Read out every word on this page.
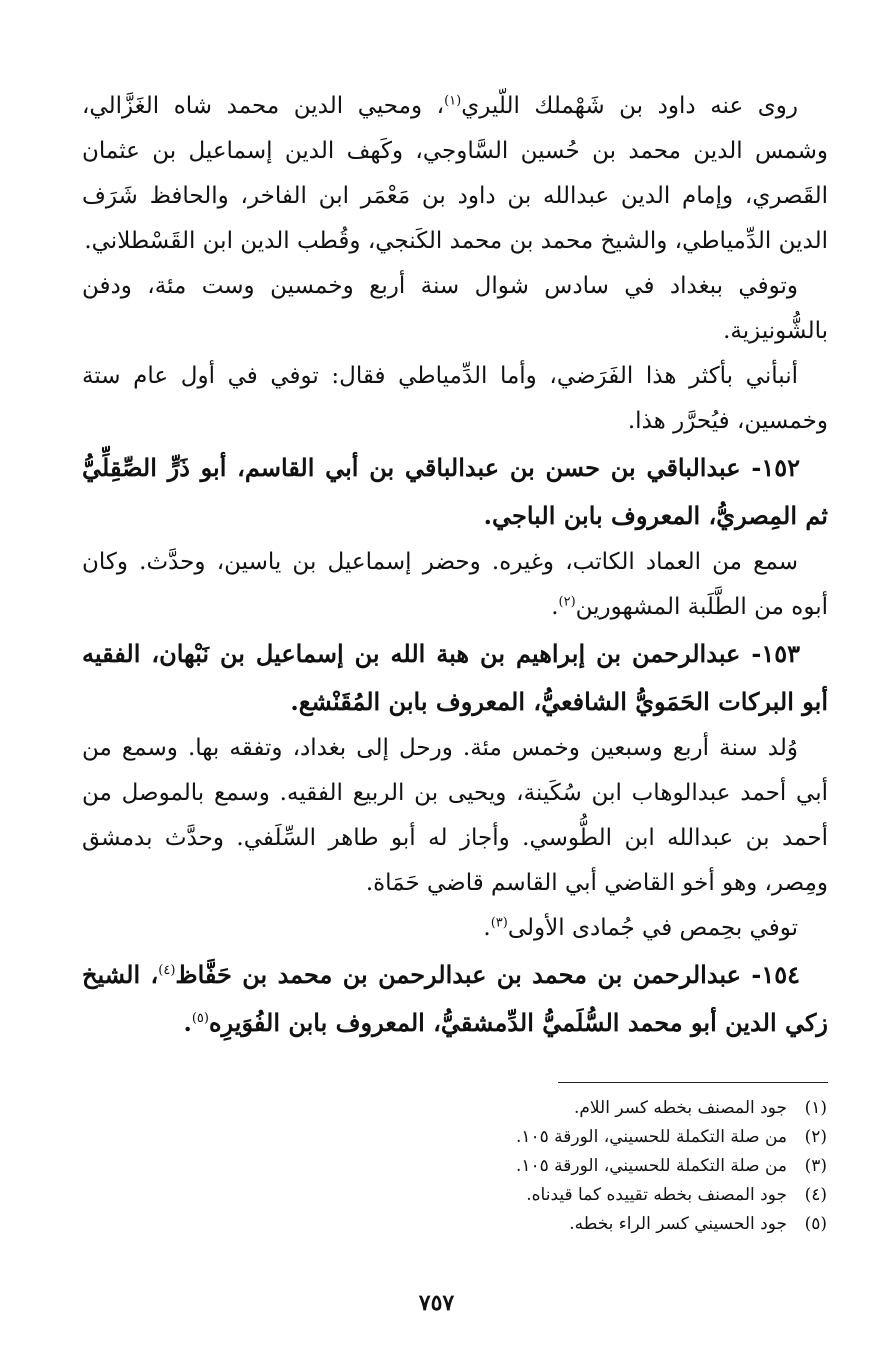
روى عنه داود بن شَهْملك اللّيري$^{(١)}$، ومحيي الدين محمد شاه الغَزَّالي، وشمس الدين محمد بن حُسين السَّاوجي، وكَهف الدين إسماعيل بن عثمان القَصري، وإمام الدين عبدالله بن داود بن مَعْمَر ابن الفاخر، والحافظ شَرَف الدين الدِّمياطي، والشيخ محمد بن محمد الكَنجي، وقُطب الدين ابن القَسْطلاني.

وتوفي ببغداد في سادس شوال سنة أربع وخمسين وست مئة، ودفن بالشُّونيزية.

أنبأني بأكثر هذا الفَرَضي، وأما الدِّمياطي فقال: توفي في أول عام ستة وخمسين، فيُحرَّر هذا.

١٥٢- عبدالباقي بن حسن بن عبدالباقي بن أبي القاسم، أبو ذَرٍّ الصِّقِلِّيُّ ثم المِصريُّ، المعروف بابن الباجي.

سمع من العماد الكاتب، وغيره. وحضر إسماعيل بن ياسين، وحدَّث. وكان أبوه من الطَّلَبة المشهورين$^{(٢)}$.

١٥٣- عبدالرحمن بن إبراهيم بن هبة الله بن إسماعيل بن نَبْهان، الفقيه أبو البركات الحَمَويُّ الشافعيُّ، المعروف بابن المُقَنْشع.

وُلد سنة أربع وسبعين وخمس مئة. ورحل إلى بغداد، وتفقه بها. وسمع من أبي أحمد عبدالوهاب ابن سُكَينة، ويحيى بن الربيع الفقيه. وسمع بالموصل من أحمد بن عبدالله ابن الطُّوسي. وأجاز له أبو طاهر السِّلَفي. وحدَّث بدمشق ومِصر، وهو أخو القاضي أبي القاسم قاضي حَمَاة.

توفي بحِمص في جُمادى الأولى$^{(٣)}$.

١٥٤- عبدالرحمن بن محمد بن عبدالرحمن بن محمد بن حَفَّاظ$^{(٤)}$، الشيخ زكي الدين أبو محمد السُّلَميُّ الدِّمشقيُّ، المعروف بابن الفُوَيرِه$^{(٥)}$.

(١)
جود المصنف بخطه كسر اللام.
(٢)
من صلة التكملة للحسيني، الورقة ١٠٥.
(٣)
من صلة التكملة للحسيني، الورقة ١٠٥.
(٤)
جود المصنف بخطه تقييده كما قيدناه.
(٥)
جود الحسيني كسر الراء بخطه.
٧٥٧
